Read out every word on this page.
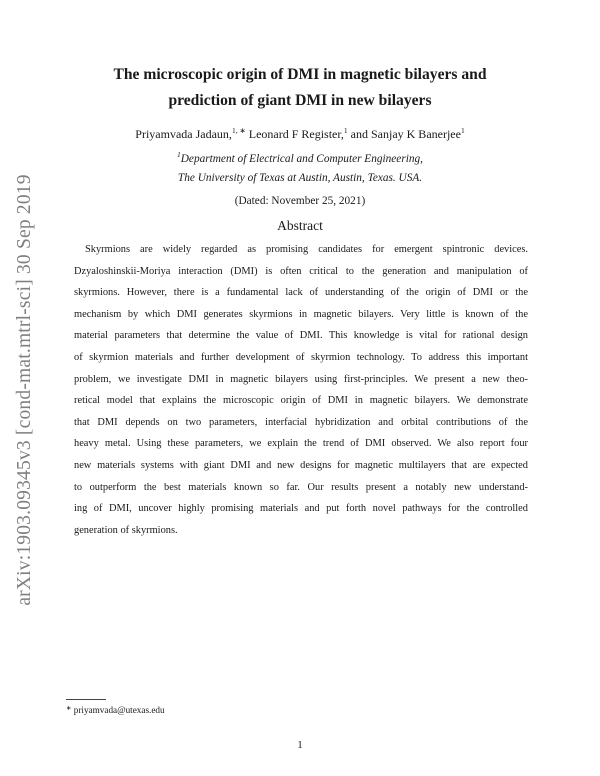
arXiv:1903.09345v3 [cond-mat.mtrl-sci] 30 Sep 2019
The microscopic origin of DMI in magnetic bilayers and
prediction of giant DMI in new bilayers
Priyamvada Jadaun,$^{1, ∗}$ Leonard F Register,$^1$ and Sanjay K Banerjee$^1$
$^1$Department of Electrical and Computer Engineering,
The University of Texas at Austin, Austin, Texas. USA.
(Dated: November 25, 2021)
Abstract

Skyrmions are widely regarded as promising candidates for emergent spintronic devices.
Dzyaloshinskii-Moriya interaction (DMI) is often critical to the generation and manipulation of
skyrmions. However, there is a fundamental lack of understanding of the origin of DMI or the
mechanism by which DMI generates skyrmions in magnetic bilayers. Very little is known of the
material parameters that determine the value of DMI. This knowledge is vital for rational design
of skyrmion materials and further development of skyrmion technology. To address this important
problem, we investigate DMI in magnetic bilayers using first-principles. We present a new theo-
retical model that explains the microscopic origin of DMI in magnetic bilayers. We demonstrate
that DMI depends on two parameters, interfacial hybridization and orbital contributions of the
heavy metal. Using these parameters, we explain the trend of DMI observed. We also report four
new materials systems with giant DMI and new designs for magnetic multilayers that are expected
to outperform the best materials known so far. Our results present a notably new understand-
ing of DMI, uncover highly promising materials and put forth novel pathways for the controlled
generation of skyrmions.

∗ priyamvada@utexas.edu
1
